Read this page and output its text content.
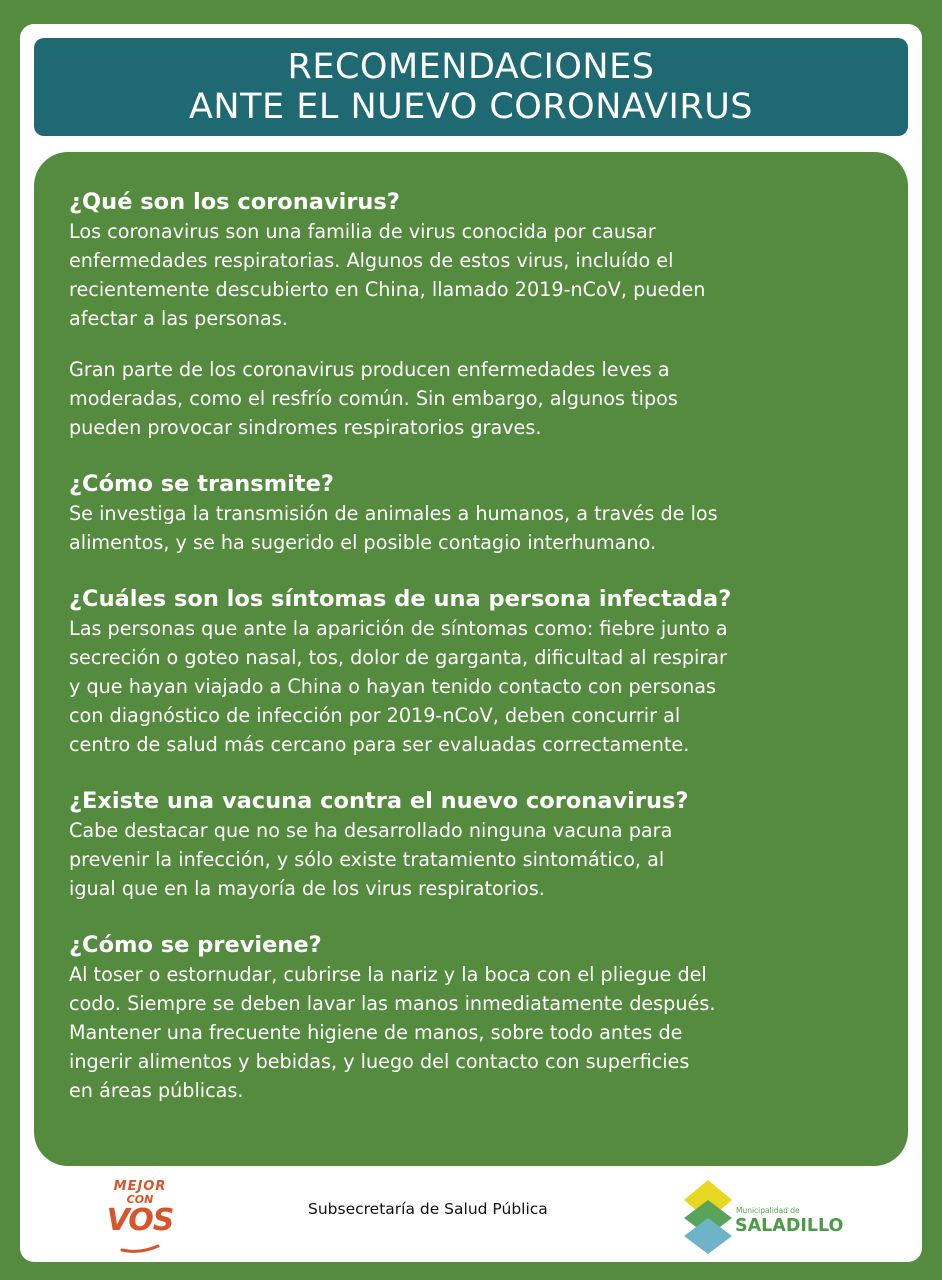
RECOMENDACIONES
ANTE EL NUEVO CORONAVIRUS

¿Qué son los coronavirus?

Los coronavirus son una familia de virus conocida por causar

enfermedades respiratorias. Algunos de estos virus, incluído el

recientemente descubierto en China, llamado 2019-nCoV, pueden

afectar a las personas.

Gran parte de los coronavirus producen enfermedades leves a

moderadas, como el resfrío común. Sin embargo, algunos tipos

pueden provocar sindromes respiratorios graves.

¿Cómo se transmite?

Se investiga la transmisión de animales a humanos, a través de los

alimentos, y se ha sugerido el posible contagio interhumano.

¿Cuáles son los síntomas de una persona infectada?

Las personas que ante la aparición de síntomas como: fiebre junto a

secreción o goteo nasal, tos, dolor de garganta, dificultad al respirar

y que hayan viajado a China o hayan tenido contacto con personas

con diagnóstico de infección por 2019-nCoV, deben concurrir al

centro de salud más cercano para ser evaluadas correctamente.

¿Existe una vacuna contra el nuevo coronavirus?

Cabe destacar que no se ha desarrollado ninguna vacuna para

prevenir la infección, y sólo existe tratamiento sintomático, al

igual que en la mayoría de los virus respiratorios.

¿Cómo se previene?

Al toser o estornudar, cubrirse la nariz y la boca con el pliegue del

codo. Siempre se deben lavar las manos inmediatamente después.

Mantener una frecuente higiene de manos, sobre todo antes de

ingerir alimentos y bebidas, y luego del contacto con superficies

en áreas públicas.

MEJOR
CON
VOS	Subsecretaría de Salud Pública	Municipalidad de
SALADILLO
